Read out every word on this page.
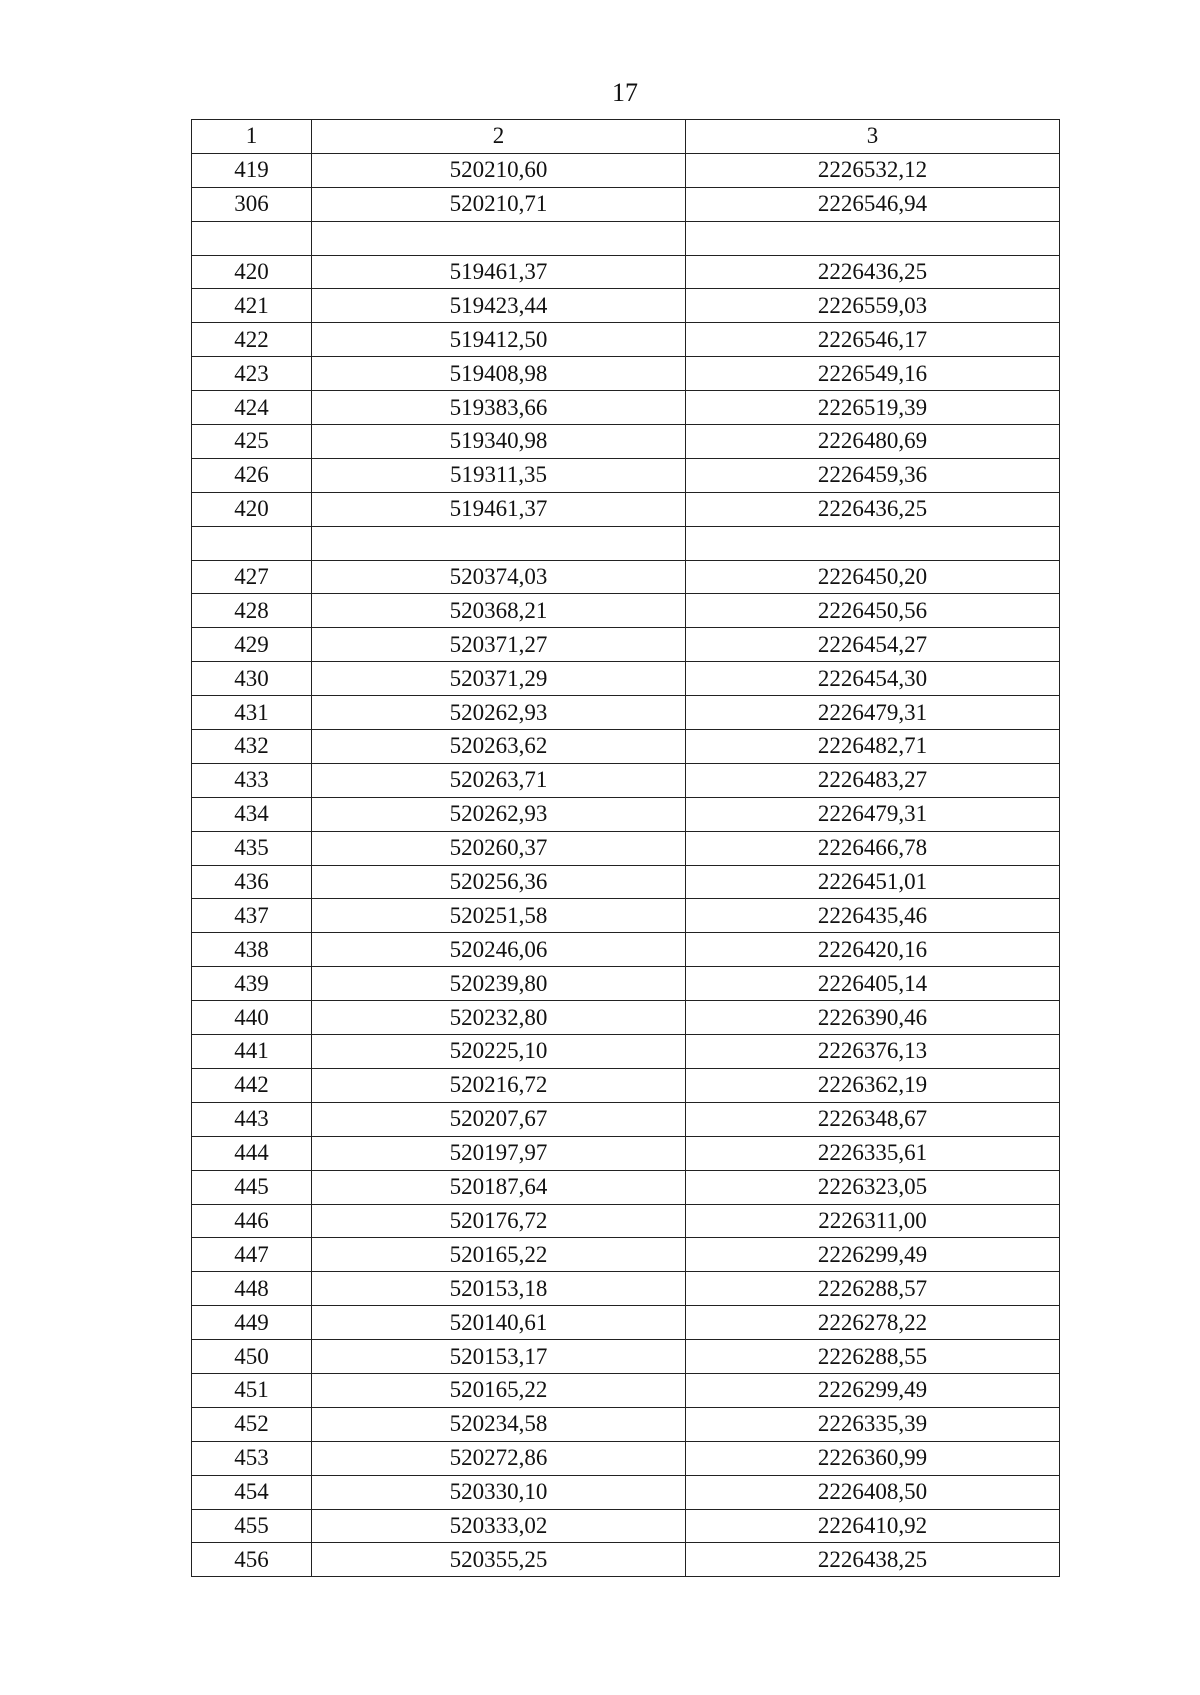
17
1	2	3
419	520210,60	2226532,12
306	520210,71	2226546,94

420	519461,37	2226436,25
421	519423,44	2226559,03
422	519412,50	2226546,17
423	519408,98	2226549,16
424	519383,66	2226519,39
425	519340,98	2226480,69
426	519311,35	2226459,36
420	519461,37	2226436,25

427	520374,03	2226450,20
428	520368,21	2226450,56
429	520371,27	2226454,27
430	520371,29	2226454,30
431	520262,93	2226479,31
432	520263,62	2226482,71
433	520263,71	2226483,27
434	520262,93	2226479,31
435	520260,37	2226466,78
436	520256,36	2226451,01
437	520251,58	2226435,46
438	520246,06	2226420,16
439	520239,80	2226405,14
440	520232,80	2226390,46
441	520225,10	2226376,13
442	520216,72	2226362,19
443	520207,67	2226348,67
444	520197,97	2226335,61
445	520187,64	2226323,05
446	520176,72	2226311,00
447	520165,22	2226299,49
448	520153,18	2226288,57
449	520140,61	2226278,22
450	520153,17	2226288,55
451	520165,22	2226299,49
452	520234,58	2226335,39
453	520272,86	2226360,99
454	520330,10	2226408,50
455	520333,02	2226410,92
456	520355,25	2226438,25
